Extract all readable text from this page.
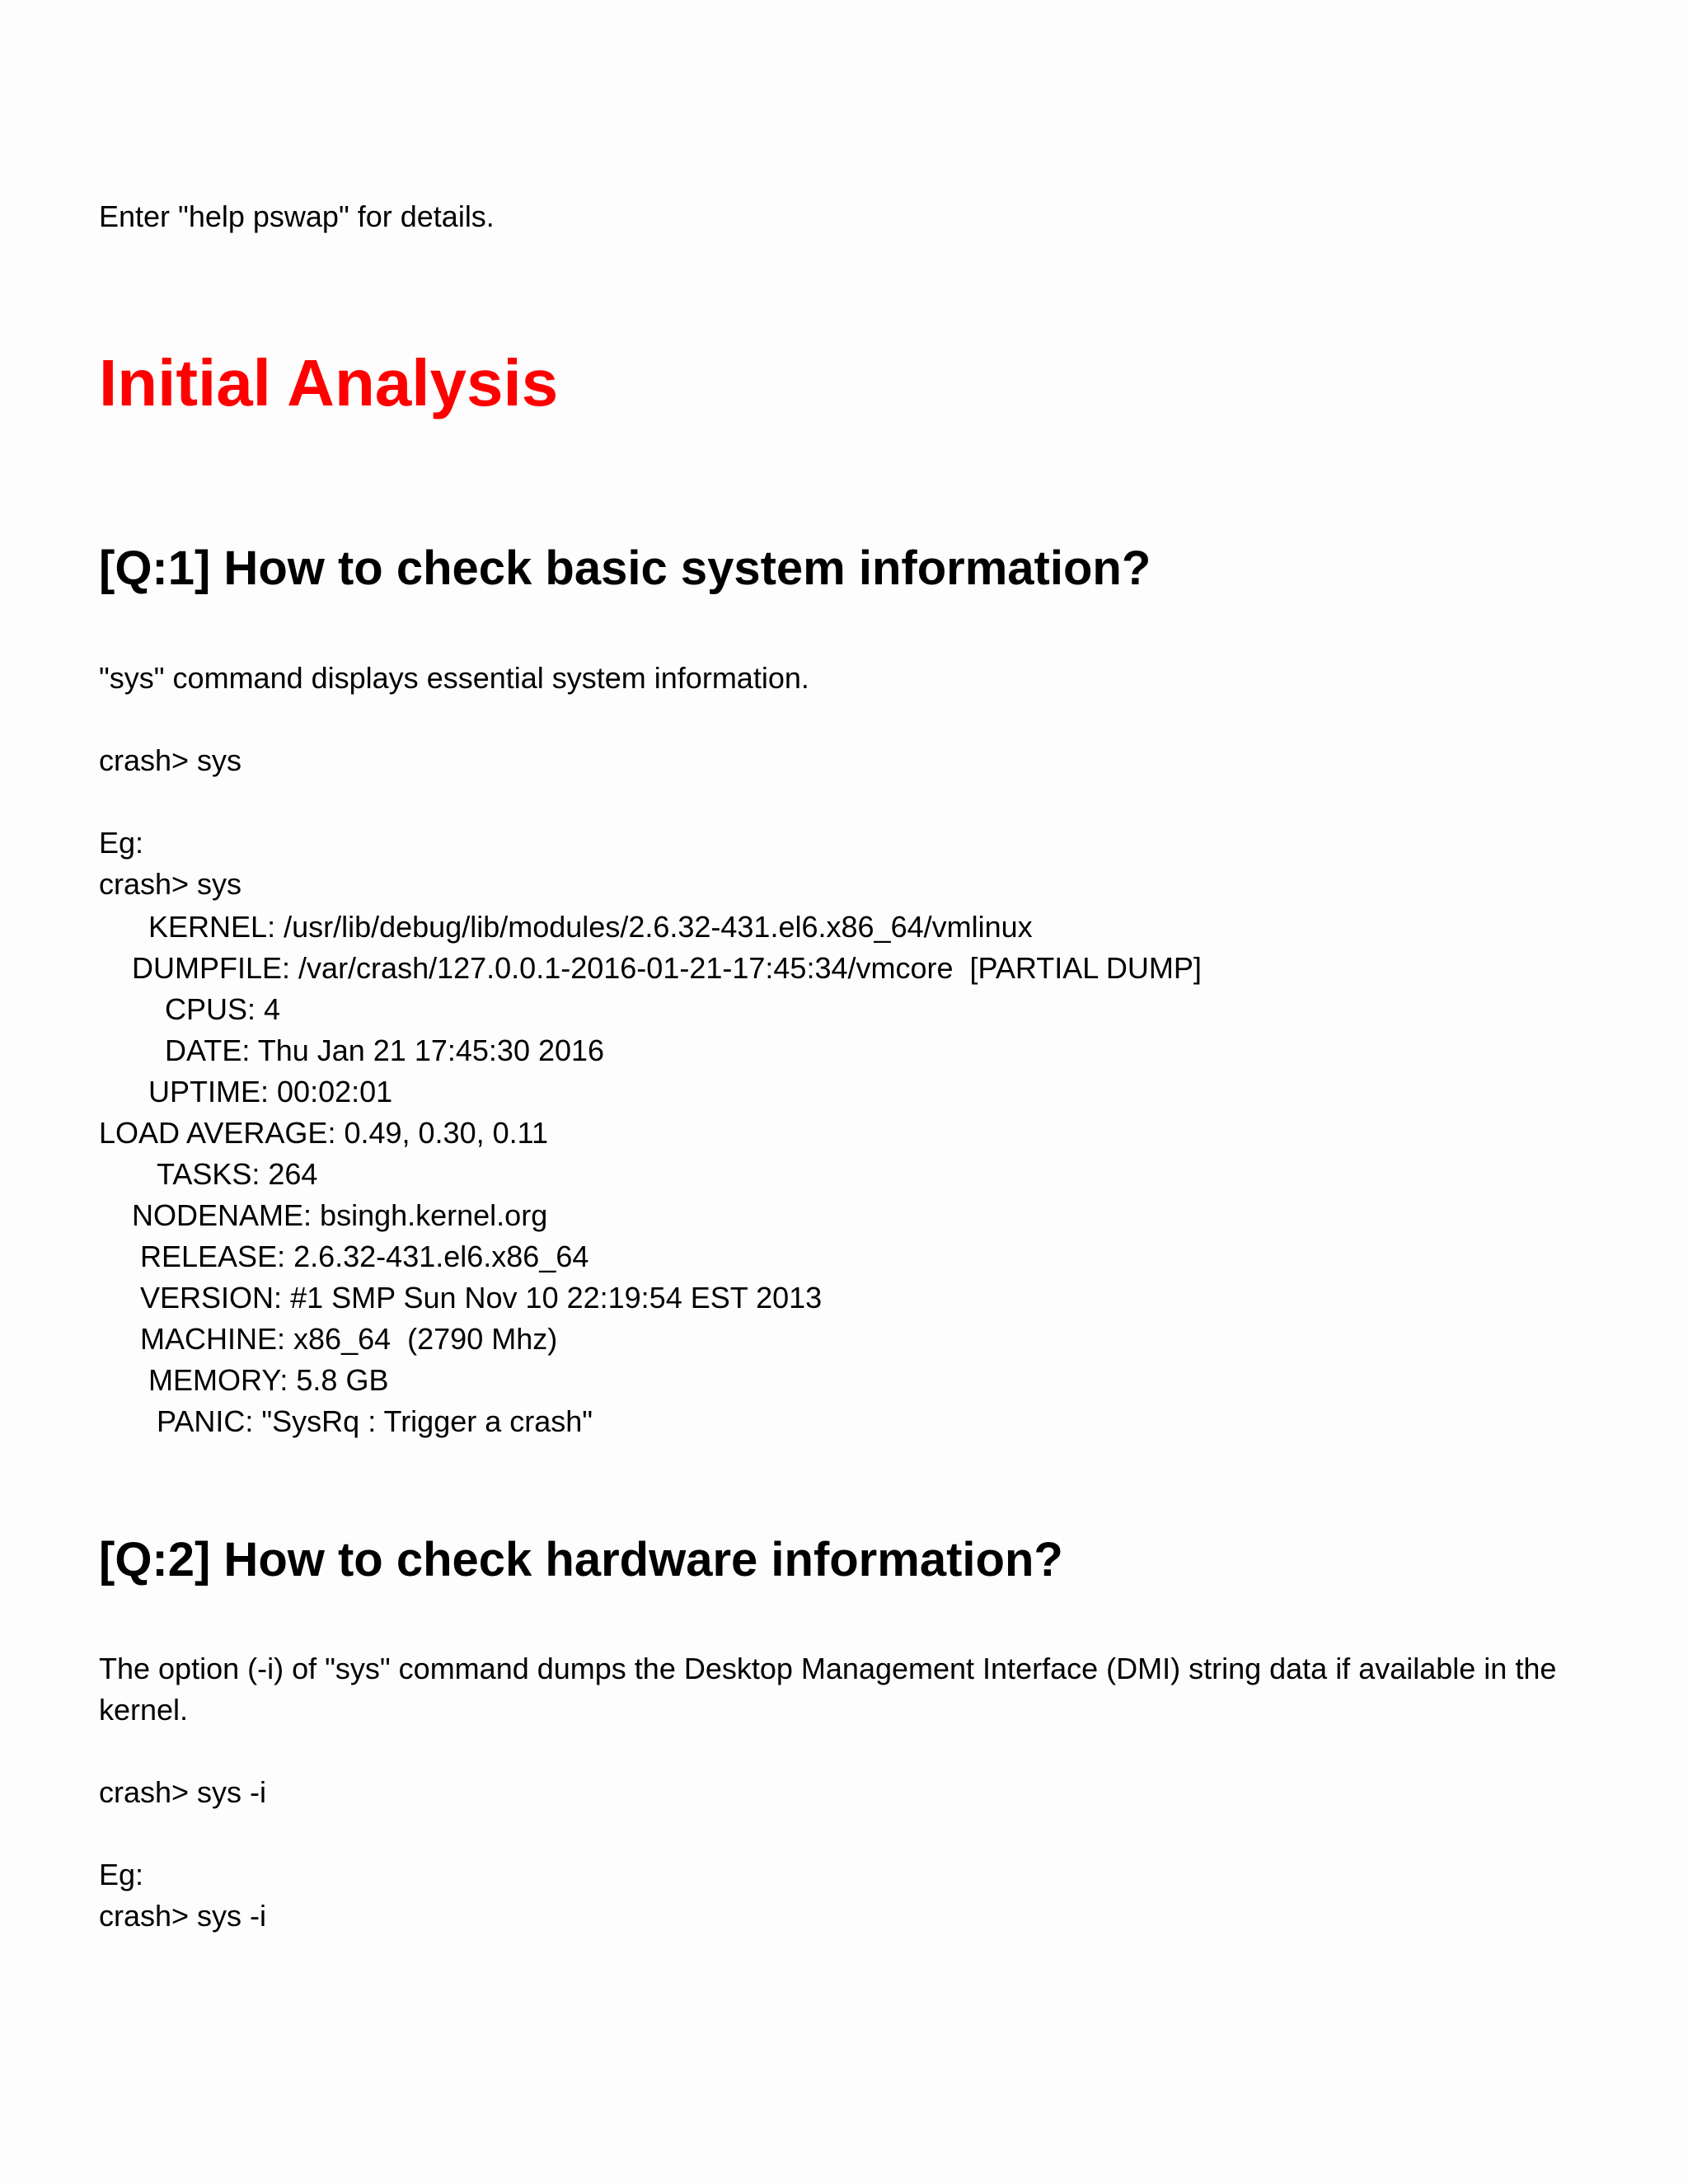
Enter "help pswap" for details.

Initial Analysis
[Q:1] How to check basic system information?

"sys" command displays essential system information.

crash> sys

Eg:

crash> sys

KERNEL: /usr/lib/debug/lib/modules/2.6.32-431.el6.x86_64/vmlinux
DUMPFILE: /var/crash/127.0.0.1-2016-01-21-17:45:34/vmcore  [PARTIAL DUMP]
CPUS: 4
DATE: Thu Jan 21 17:45:30 2016
UPTIME: 00:02:01
LOAD AVERAGE: 0.49, 0.30, 0.11
TASKS: 264
NODENAME: bsingh.kernel.org
RELEASE: 2.6.32-431.el6.x86_64
VERSION: #1 SMP Sun Nov 10 22:19:54 EST 2013
MACHINE: x86_64  (2790 Mhz)
MEMORY: 5.8 GB
PANIC: "SysRq : Trigger a crash"
[Q:2] How to check hardware information?

The option (-i) of "sys" command dumps the Desktop Management Interface (DMI) string data if available in the kernel.

crash> sys -i

Eg:

crash> sys -i
